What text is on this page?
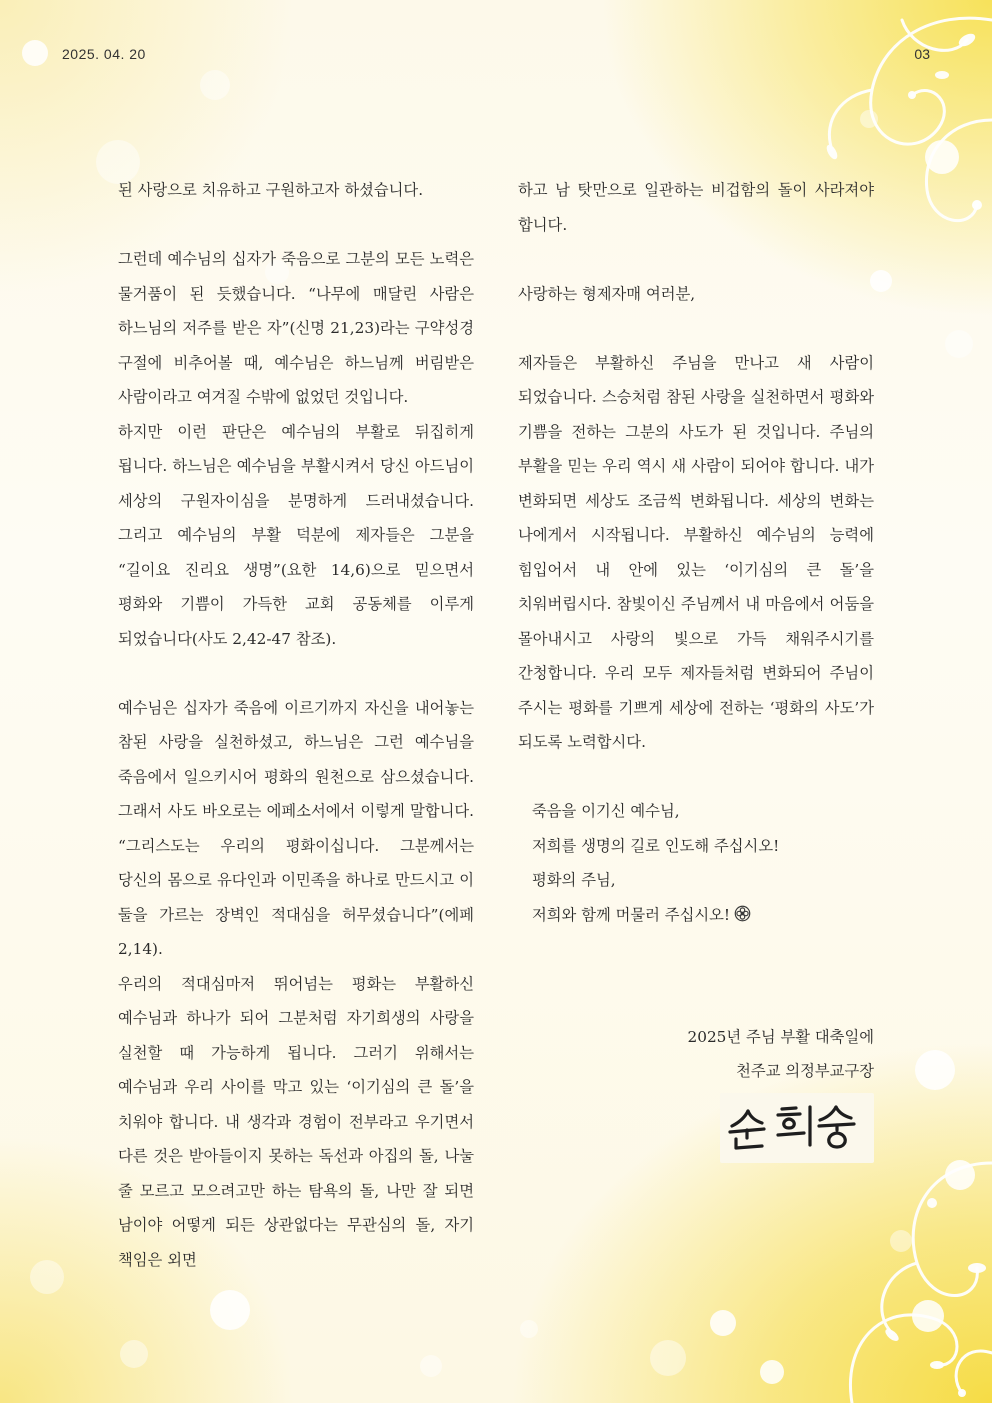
2025. 04. 20	03

된 사랑으로 치유하고 구원하고자 하셨습니다.

그런데 예수님의 십자가 죽음으로 그분의 모든 노력은 물거품이 된 듯했습니다. “나무에 매달린 사람은 하느님의 저주를 받은 자”(신명 21,23)라는 구약성경 구절에 비추어볼 때, 예수님은 하느님께 버림받은 사람이라고 여겨질 수밖에 없었던 것입니다.

하지만 이런 판단은 예수님의 부활로 뒤집히게 됩니다. 하느님은 예수님을 부활시켜서 당신 아드님이 세상의 구원자이심을 분명하게 드러내셨습니다. 그리고 예수님의 부활 덕분에 제자들은 그분을 “길이요 진리요 생명”(요한 14,6)으로 믿으면서 평화와 기쁨이 가득한 교회 공동체를 이루게 되었습니다(사도 2,42-47 참조).

예수님은 십자가 죽음에 이르기까지 자신을 내어놓는 참된 사랑을 실천하셨고, 하느님은 그런 예수님을 죽음에서 일으키시어 평화의 원천으로 삼으셨습니다. 그래서 사도 바오로는 에페소서에서 이렇게 말합니다. “그리스도는 우리의 평화이십니다. 그분께서는 당신의 몸으로 유다인과 이민족을 하나로 만드시고 이 둘을 가르는 장벽인 적대심을 허무셨습니다”(에페 2,14).

우리의 적대심마저 뛰어넘는 평화는 부활하신 예수님과 하나가 되어 그분처럼 자기희생의 사랑을 실천할 때 가능하게 됩니다. 그러기 위해서는 예수님과 우리 사이를 막고 있는 ‘이기심의 큰 돌’을 치워야 합니다. 내 생각과 경험이 전부라고 우기면서 다른 것은 받아들이지 못하는 독선과 아집의 돌, 나눌 줄 모르고 모으려고만 하는 탐욕의 돌, 나만 잘 되면 남이야 어떻게 되든 상관없다는 무관심의 돌, 자기 책임은 외면

하고 남 탓만으로 일관하는 비겁함의 돌이 사라져야 합니다.

사랑하는 형제자매 여러분,

제자들은 부활하신 주님을 만나고 새 사람이 되었습니다. 스승처럼 참된 사랑을 실천하면서 평화와 기쁨을 전하는 그분의 사도가 된 것입니다. 주님의 부활을 믿는 우리 역시 새 사람이 되어야 합니다. 내가 변화되면 세상도 조금씩 변화됩니다. 세상의 변화는 나에게서 시작됩니다. 부활하신 예수님의 능력에 힘입어서 내 안에 있는 ‘이기심의 큰 돌’을 치워버립시다. 참빛이신 주님께서 내 마음에서 어둠을 몰아내시고 사랑의 빛으로 가득 채워주시기를 간청합니다. 우리 모두 제자들처럼 변화되어 주님이 주시는 평화를 기쁘게 세상에 전하는 ‘평화의 사도’가 되도록 노력합시다.

죽음을 이기신 예수님,

저희를 생명의 길로 인도해 주십시오!

평화의 주님,

저희와 함께 머물러 주십시오!

2025년 주님 부활 대축일에
천주교 의정부교구장
